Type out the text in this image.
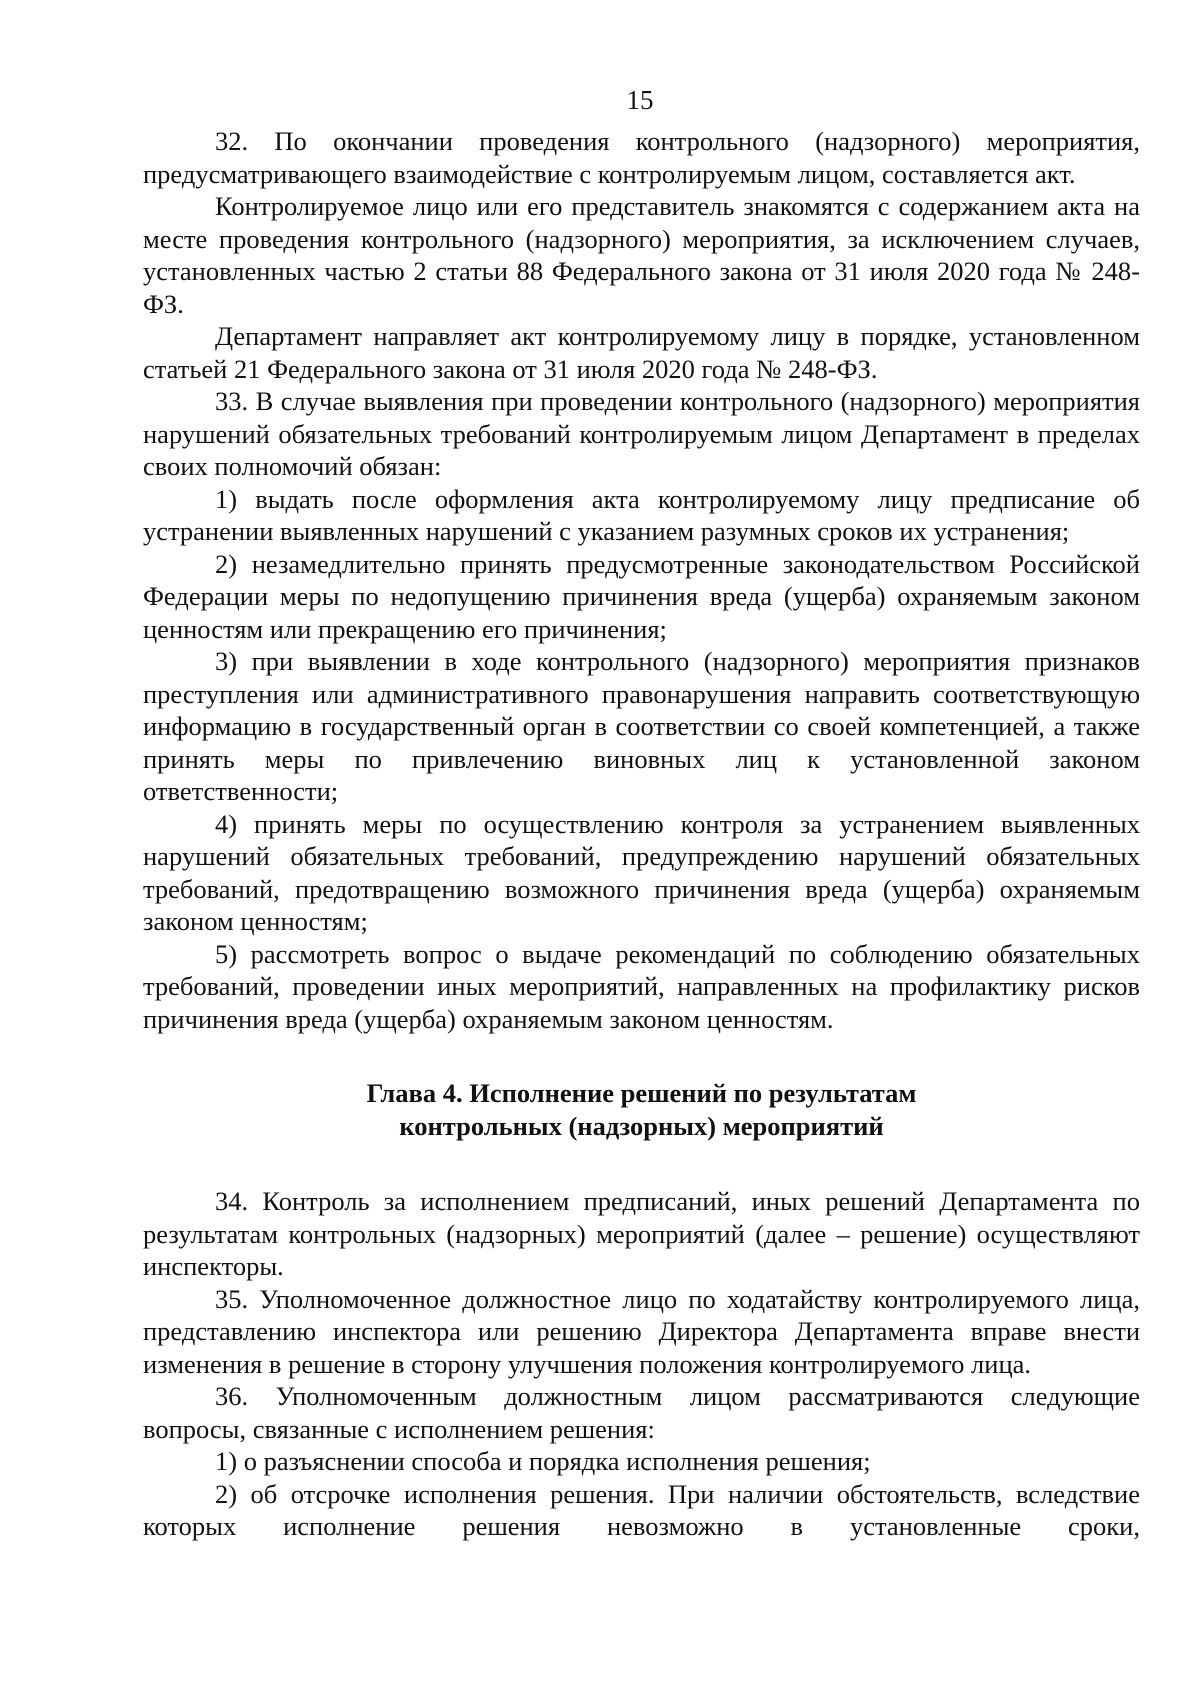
15

32. По окончании проведения контрольного (надзорного) мероприятия, предусматривающего взаимодействие с контролируемым лицом, составляется акт.

Контролируемое лицо или его представитель знакомятся с содержанием акта на месте проведения контрольного (надзорного) мероприятия, за исключением случаев, установленных частью 2 статьи 88 Федерального закона от 31 июля 2020 года № 248-ФЗ.

Департамент направляет акт контролируемому лицу в порядке, установленном статьей 21 Федерального закона от 31 июля 2020 года № 248-ФЗ.

33. В случае выявления при проведении контрольного (надзорного) мероприятия нарушений обязательных требований контролируемым лицом Департамент в пределах своих полномочий обязан:

1) выдать после оформления акта контролируемому лицу предписание об устранении выявленных нарушений с указанием разумных сроков их устранения;

2) незамедлительно принять предусмотренные законодательством Российской Федерации меры по недопущению причинения вреда (ущерба) охраняемым законом ценностям или прекращению его причинения;

3) при выявлении в ходе контрольного (надзорного) мероприятия признаков преступления или административного правонарушения направить соответствующую информацию в государственный орган в соответствии со своей компетенцией, а также принять меры по привлечению виновных лиц к установленной законом ответственности;

4) принять меры по осуществлению контроля за устранением выявленных нарушений обязательных требований, предупреждению нарушений обязательных требований, предотвращению возможного причинения вреда (ущерба) охраняемым законом ценностям;

5) рассмотреть вопрос о выдаче рекомендаций по соблюдению обязательных требований, проведении иных мероприятий, направленных на профилактику рисков причинения вреда (ущерба) охраняемым законом ценностям.

Глава 4. Исполнение решений по результатам
контрольных (надзорных) мероприятий

34. Контроль за исполнением предписаний, иных решений Департамента по результатам контрольных (надзорных) мероприятий (далее – решение) осуществляют инспекторы.

35. Уполномоченное должностное лицо по ходатайству контролируемого лица, представлению инспектора или решению Директора Департамента вправе внести изменения в решение в сторону улучшения положения контролируемого лица.

36. Уполномоченным должностным лицом рассматриваются следующие вопросы, связанные с исполнением решения:

1) о разъяснении способа и порядка исполнения решения;

2) об отсрочке исполнения решения. При наличии обстоятельств, вследствие которых исполнение решения невозможно в установленные сроки,
